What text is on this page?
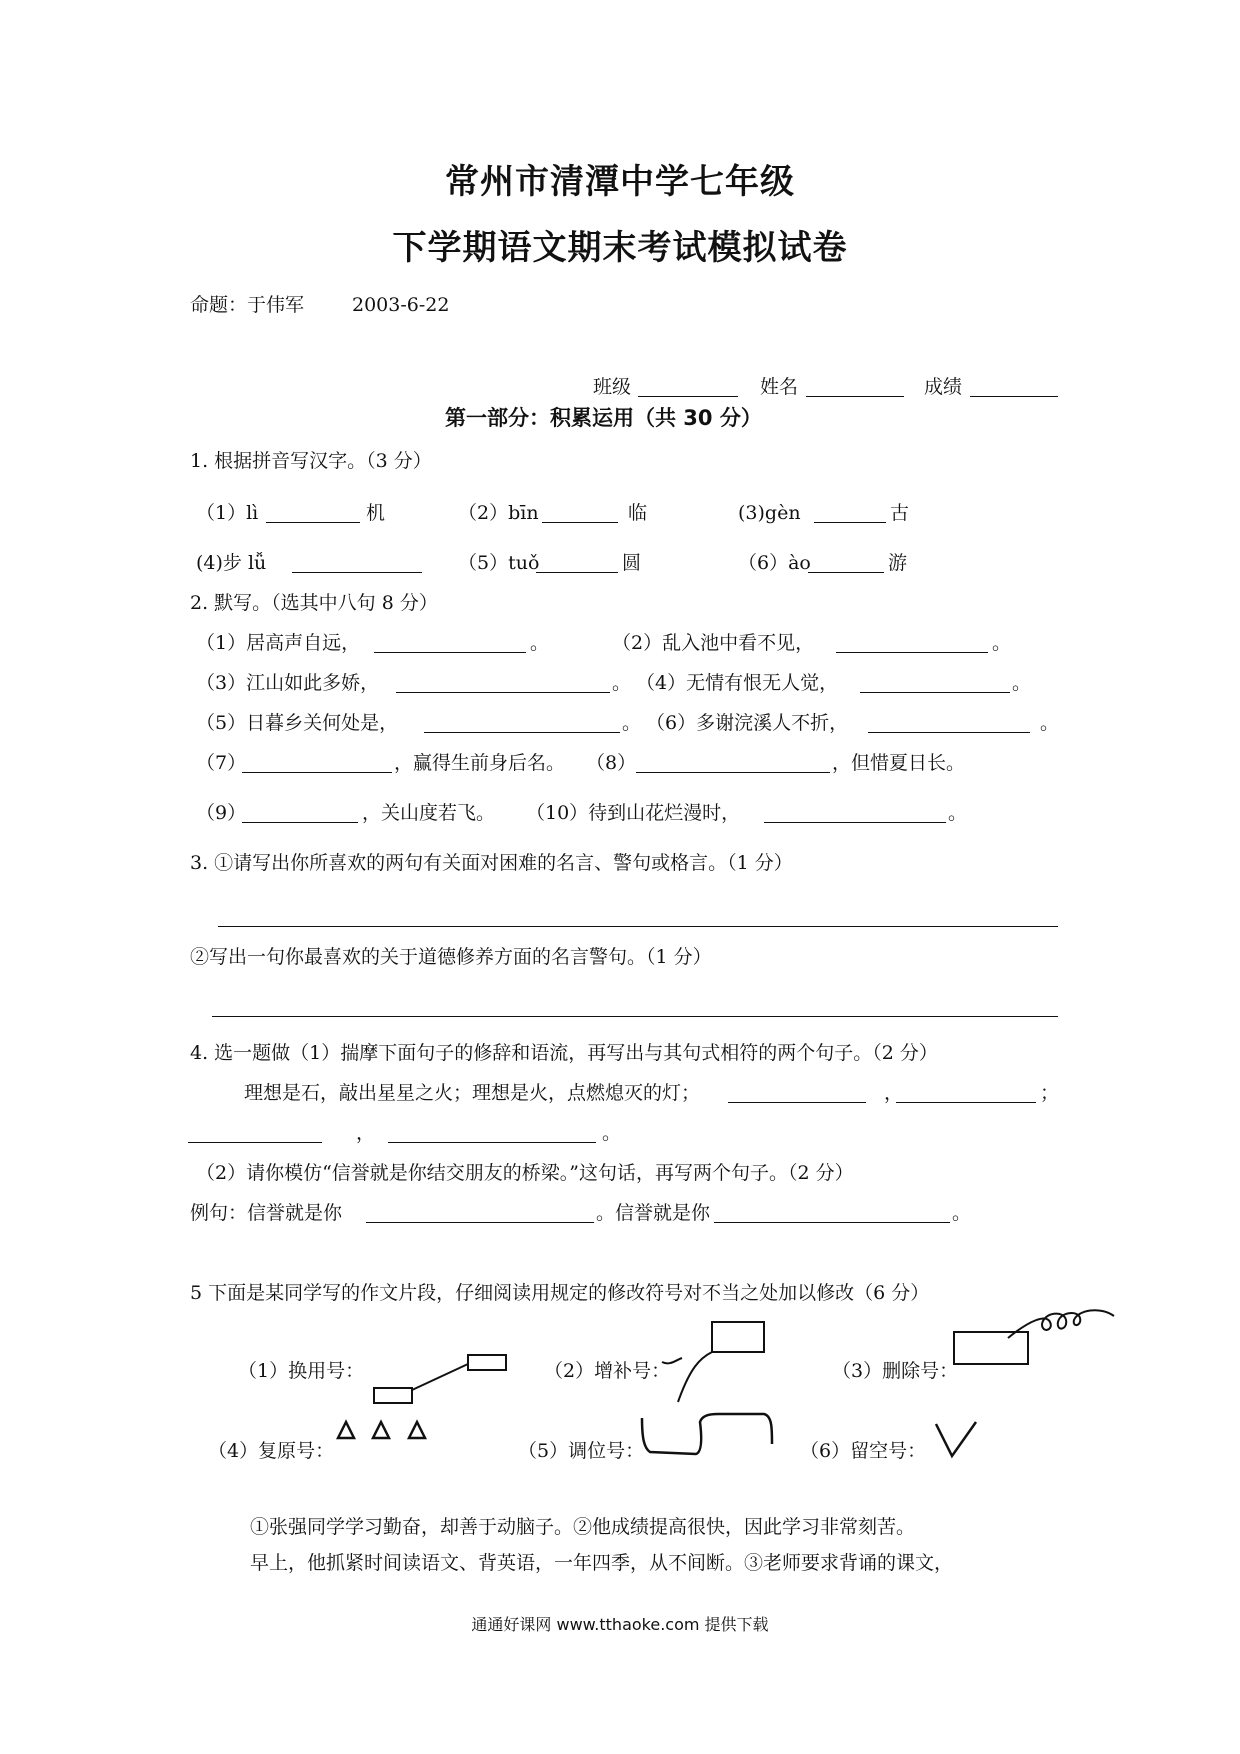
常州市清潭中学七年级
下学期语文期末考试模拟试卷
命题：于伟军	2003-6-22
班级	姓名	成绩
第一部分：积累运用（共 30 分）
1. 根据拼音写汉字。（3 分）
（1）lì	机	（2）bīn	临	(3)gèn	古
(4)步 lǚ	（5）tuǒ	圆	（6）ào	游
2. 默写。（选其中八句 8 分）
（1）居高声自远，	。	（2）乱入池中看不见，	。
（3）江山如此多娇，	。 （4）无情有恨无人觉，	。
（5）日暮乡关何处是，	。 （6）多谢浣溪人不折，	。
（7）	，赢得生前身后名。 （8）	，但惜夏日长。
（9）	，关山度若飞。 （10）待到山花烂漫时，	。
3. ①请写出你所喜欢的两句有关面对困难的名言、警句或格言。（1 分）
②写出一句你最喜欢的关于道德修养方面的名言警句。（1 分）
4. 选一题做（1）揣摩下面句子的修辞和语流，再写出与其句式相符的两个句子。（2 分）
理想是石，敲出星星之火；理想是火，点燃熄灭的灯；	，	；
，	。
（2）请你模仿“信誉就是你结交朋友的桥梁。”这句话，再写两个句子。（2 分）
例句：信誉就是你	。信誉就是你	。
5 下面是某同学写的作文片段，仔细阅读用规定的修改符号对不当之处加以修改（6 分）
（1）换用号：	（2）增补号：	（3）删除号：
（4）复原号：	（5）调位号：	（6）留空号：
①张强同学学习勤奋，却善于动脑子。②他成绩提高很快，因此学习非常刻苦。
早上，他抓紧时间读语文、背英语，一年四季，从不间断。③老师要求背诵的课文，
通通好课网 www.tthaoke.com 提供下载
